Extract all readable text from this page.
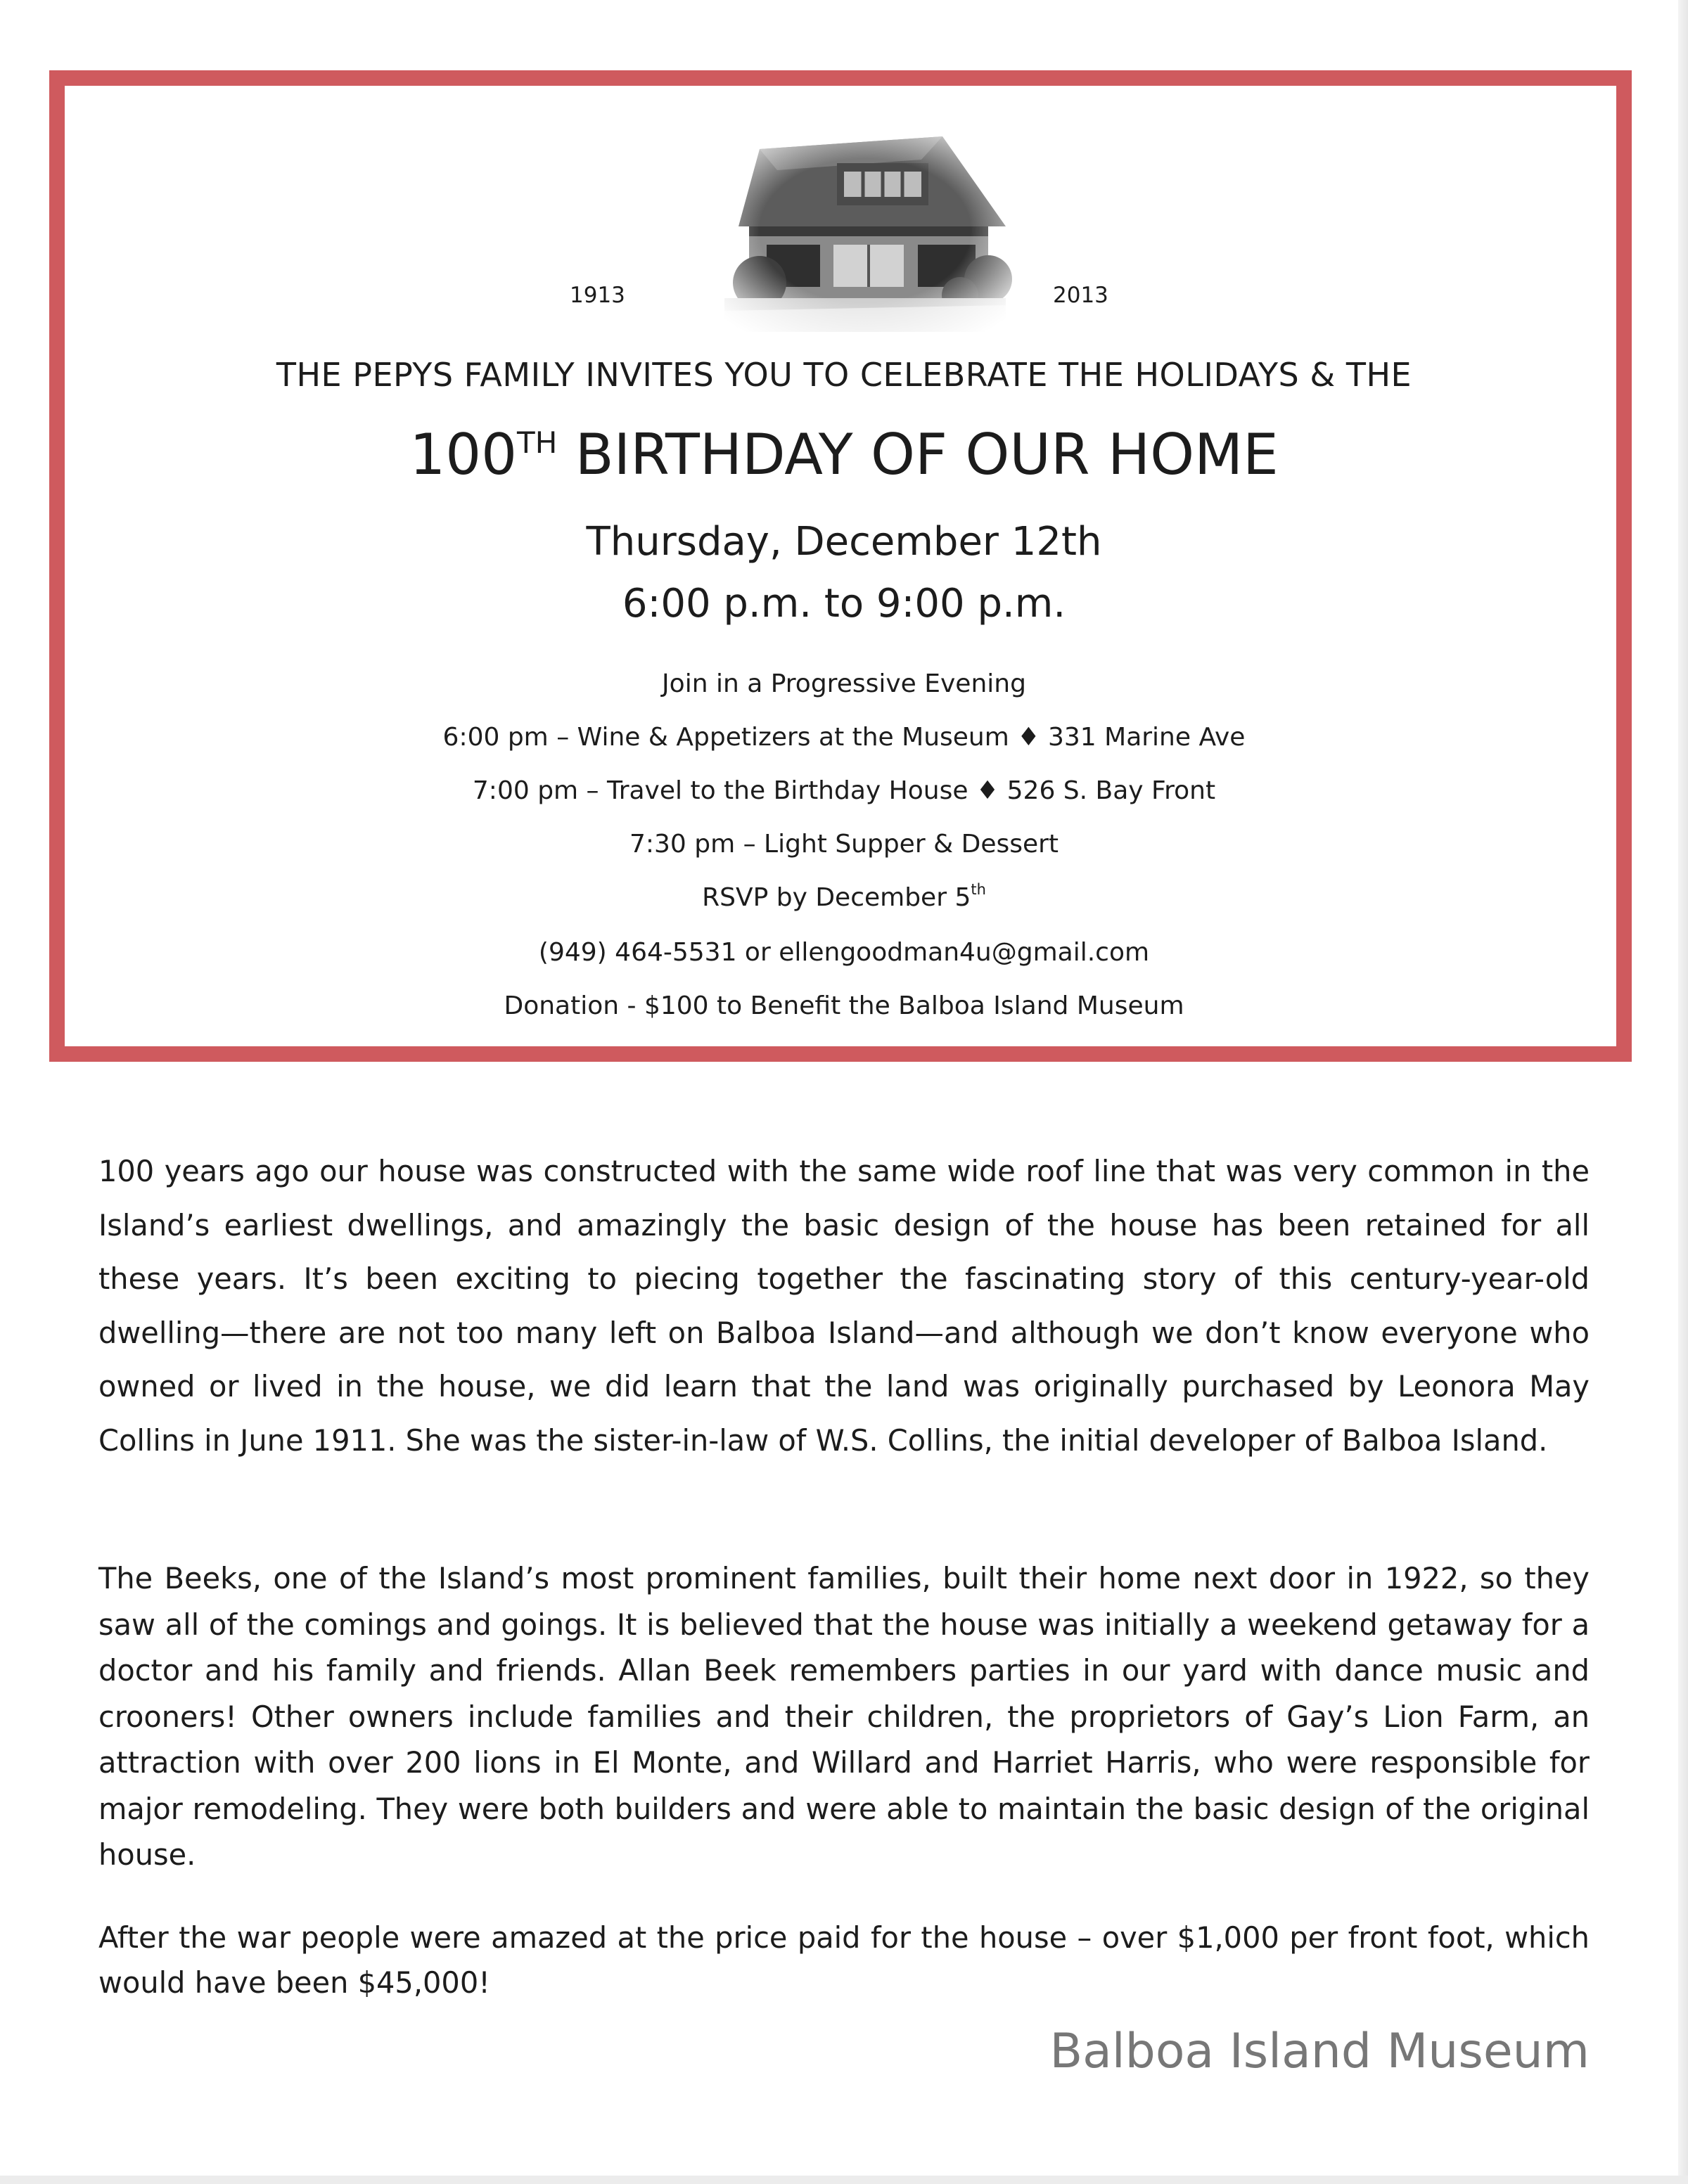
1913	2013
THE PEPYS FAMILY INVITES YOU TO CELEBRATE THE HOLIDAYS & THE
100TH BIRTHDAY OF OUR HOME
Thursday, December 12th
6:00 p.m. to 9:00 p.m.
Join in a Progressive Evening
6:00 pm – Wine & Appetizers at the Museum ♦ 331 Marine Ave
7:00 pm – Travel to the Birthday House ♦ 526 S. Bay Front
7:30 pm – Light Supper & Dessert
RSVP by December 5th
(949) 464-5531 or ellengoodman4u@gmail.com
Donation - $100 to Benefit the Balboa Island Museum

100 years ago our house was constructed with the same wide roof line that was very common in the Island’s earliest dwellings, and amazingly the basic design of the house has been retained for all these years. It’s been exciting to piecing together the fascinating story of this century-year-old dwelling—there are not too many left on Balboa Island—and although we don’t know everyone who owned or lived in the house, we did learn that the land was originally purchased by Leonora May Collins in June 1911. She was the sister-in-law of W.S. Collins, the initial developer of Balboa Island.

The Beeks, one of the Island’s most prominent families, built their home next door in 1922, so they saw all of the comings and goings. It is believed that the house was initially a weekend getaway for a doctor and his family and friends. Allan Beek remembers parties in our yard with dance music and crooners! Other owners include families and their children, the proprietors of Gay’s Lion Farm, an attraction with over 200 lions in El Monte, and Willard and Harriet Harris, who were responsible for major remodeling. They were both builders and were able to maintain the basic design of the original house.

After the war people were amazed at the price paid for the house – over $1,000 per front foot, which would have been $45,000!

Balboa Island Museum
